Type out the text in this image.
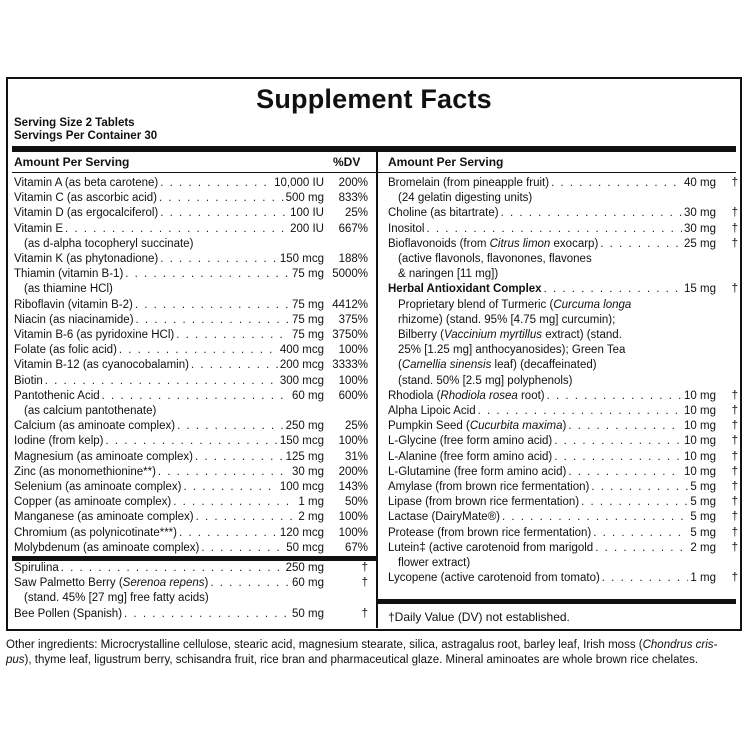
Supplement Facts
Serving Size 2 Tablets
Servings Per Container 30
Amount Per Serving	%DV Amount Per Serving
Vitamin A (as beta carotene) . . .	10,000 IU	200%
Vitamin C (as ascorbic acid) . . .	500 mg	833%
Vitamin D (as ergocalciferol) . . .	100 IU	25%
Vitamin E . . .	200 IU	667%
(as d-alpha tocopheryl succinate)
Vitamin K (as phytonadione) . . .	150 mcg	188%
Thiamin (vitamin B-1) . . .	75 mg 5000%
(as thiamine HCl)
Riboflavin (vitamin B-2) . . .	75 mg 4412%
Niacin (as niacinamide) . . .	75 mg	375%
Vitamin B-6 (as pyridoxine HCl) . . .	75 mg 3750%
Folate (as folic acid) . . .	400 mcg	100%
Vitamin B-12 (as cyanocobalamin) . . .	200 mcg 3333%
Biotin . . .	300 mcg	100%
Pantothenic Acid . . .	60 mg	600%
(as calcium pantothenate)
Calcium (as aminoate complex) . . .	250 mg	25%
Iodine (from kelp) . . .	150 mcg	100%
Magnesium (as aminoate complex) . . .	125 mg	31%
Zinc (as monomethionine**) . . .	30 mg	200%
Selenium (as aminoate complex) . . .	100 mcg	143%
Copper (as aminoate complex) . . .	1 mg	50%
Manganese (as aminoate complex) . . .	2 mg	100%
Chromium (as polynicotinate***) . . .	120 mcg	100%
Molybdenum (as aminoate complex) . . .	50 mcg	67%
Spirulina . . .	250 mg	†
Saw Palmetto Berry (Serenoa repens) . . .	60 mg	†
(stand. 45% [27 mg] free fatty acids)
Bee Pollen (Spanish) . . .	50 mg	†
Bromelain (from pineapple fruit) . . .	40 mg	†
(24 gelatin digesting units)
Choline (as bitartrate) . . .	30 mg	†
Inositol . . .	30 mg	†
Bioflavonoids (from Citrus limon exocarp) . . .	25 mg	†
(active flavonols, flavonones, flavones
& naringen [11 mg])
Herbal Antioxidant Complex . . .	15 mg	†
Proprietary blend of Turmeric (Curcuma longa
rhizome) (stand. 95% [4.75 mg] curcumin);
Bilberry (Vaccinium myrtillus extract) (stand.
25% [1.25 mg] anthocyanosides); Green Tea
(Camellia sinensis leaf) (decaffeinated)
(stand. 50% [2.5 mg] polyphenols)
Rhodiola (Rhodiola rosea root) . . .	10 mg	†
Alpha Lipoic Acid . . .	10 mg	†
Pumpkin Seed (Cucurbita maxima) . . .	10 mg	†
L-Glycine (free form amino acid) . . .	10 mg	†
L-Alanine (free form amino acid) . . .	10 mg	†
L-Glutamine (free form amino acid) . . .	10 mg	†
Amylase (from brown rice fermentation) . . .	5 mg	†
Lipase (from brown rice fermentation) . . .	5 mg	†
Lactase (DairyMate®) . . .	5 mg	†
Protease (from brown rice fermentation) . . .	5 mg	†
Lutein‡ (active carotenoid from marigold . . .	2 mg	†
flower extract)
Lycopene (active carotenoid from tomato) . . .	1 mg	†
†Daily Value (DV) not established.
Other ingredients: Microcrystalline cellulose, stearic acid, magnesium stearate, silica, astragalus root, barley leaf, Irish moss (Chondrus cris-pus), thyme leaf, ligustrum berry, schisandra fruit, rice bran and pharmaceutical glaze. Mineral aminoates are whole brown rice chelates.
